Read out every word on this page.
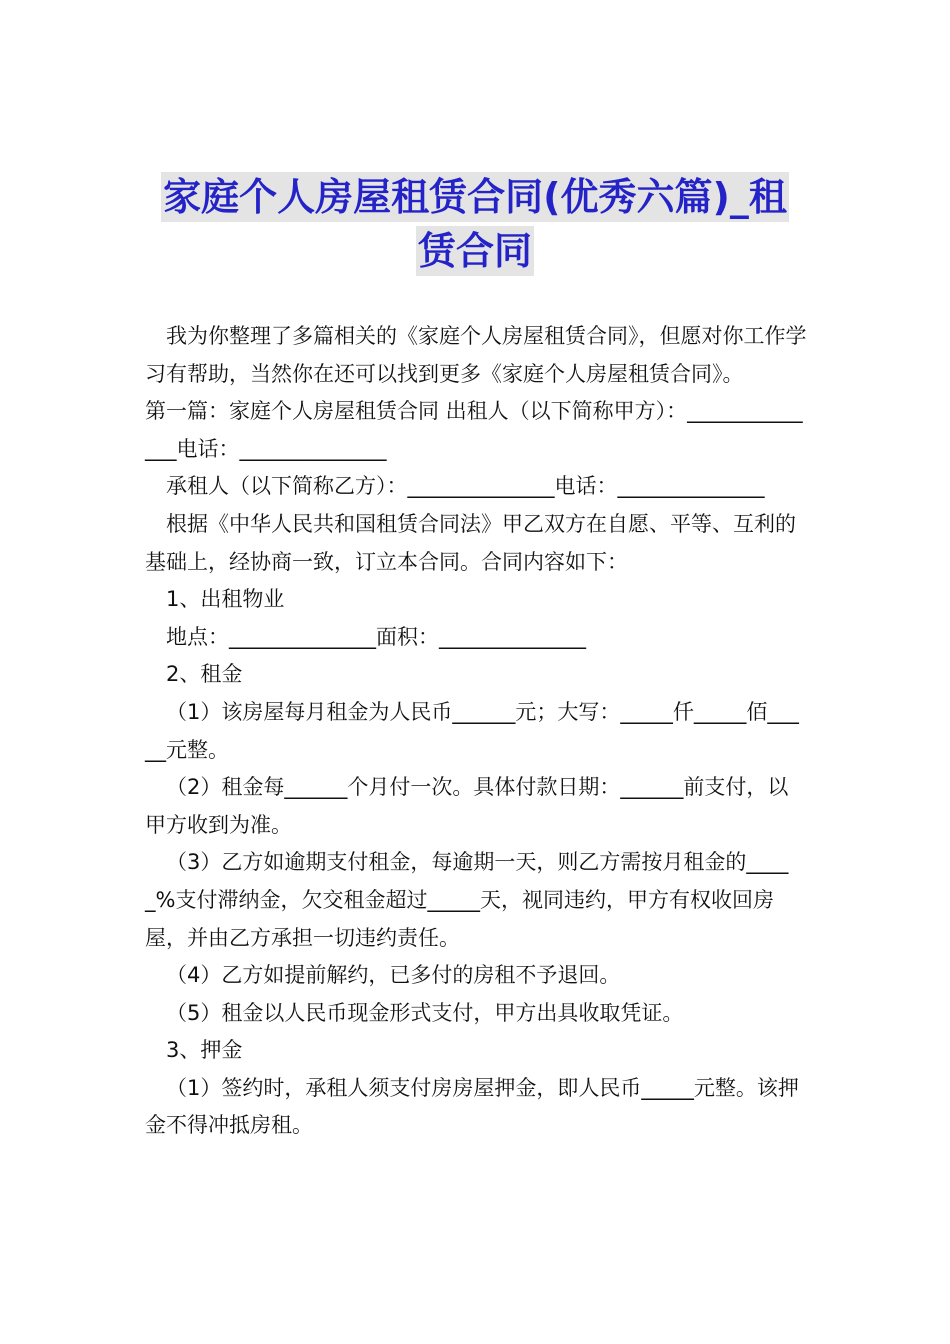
家庭个人房屋租赁合同(优秀六篇)_租
赁合同

我为你整理了多篇相关的《家庭个人房屋租赁合同》，但愿对你工作学习有帮助，当然你在还可以找到更多《家庭个人房屋租赁合同》。

第一篇：家庭个人房屋租赁合同 出租人（以下简称甲方）：______________电话：______________

承租人（以下简称乙方）：______________电话：______________

根据《中华人民共和国租赁合同法》甲乙双方在自愿、平等、互利的基础上，经协商一致，订立本合同。合同内容如下：

1、出租物业

地点：______________面积：______________

2、租金

（1）该房屋每月租金为人民币______元；大写：_____仟_____佰_____元整。

（2）租金每______个月付一次。具体付款日期：______前支付，以甲方收到为准。

（3）乙方如逾期支付租金，每逾期一天，则乙方需按月租金的_____%支付滞纳金，欠交租金超过_____天，视同违约，甲方有权收回房屋，并由乙方承担一切违约责任。

（4）乙方如提前解约，已多付的房租不予退回。

（5）租金以人民币现金形式支付，甲方出具收取凭证。

3、押金

（1）签约时，承租人须支付房房屋押金，即人民币_____元整。该押金不得冲抵房租。
